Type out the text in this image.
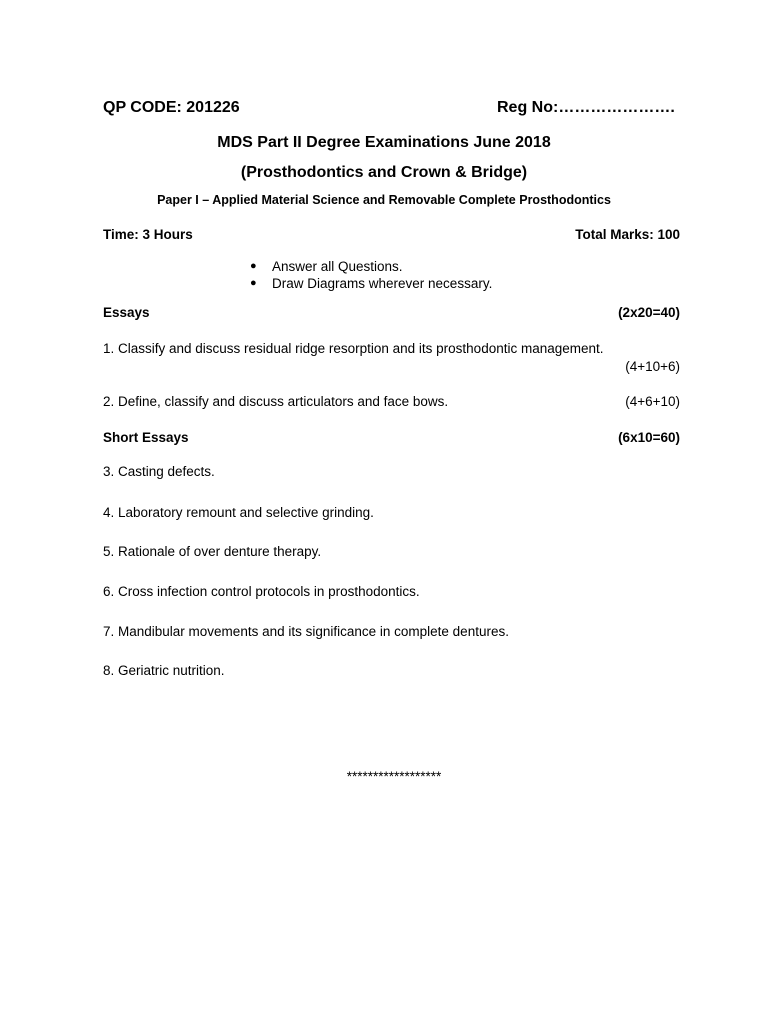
QP CODE: 201226	Reg No:………………….
MDS Part II Degree Examinations June 2018
(Prosthodontics and Crown & Bridge)
Paper I – Applied Material Science and Removable Complete Prosthodontics
Time: 3 Hours	Total Marks: 100
● Answer all Questions.
● Draw Diagrams wherever necessary.
Essays	(2x20=40)
1. Classify and discuss residual ridge resorption and its prosthodontic management.
(4+10+6)
2. Define, classify and discuss articulators and face bows.	(4+6+10)
Short Essays	(6x10=60)
3. Casting defects.
4. Laboratory remount and selective grinding.
5. Rationale of over denture therapy.
6. Cross infection control protocols in prosthodontics.
7. Mandibular movements and its significance in complete dentures.
8. Geriatric nutrition.
******************
